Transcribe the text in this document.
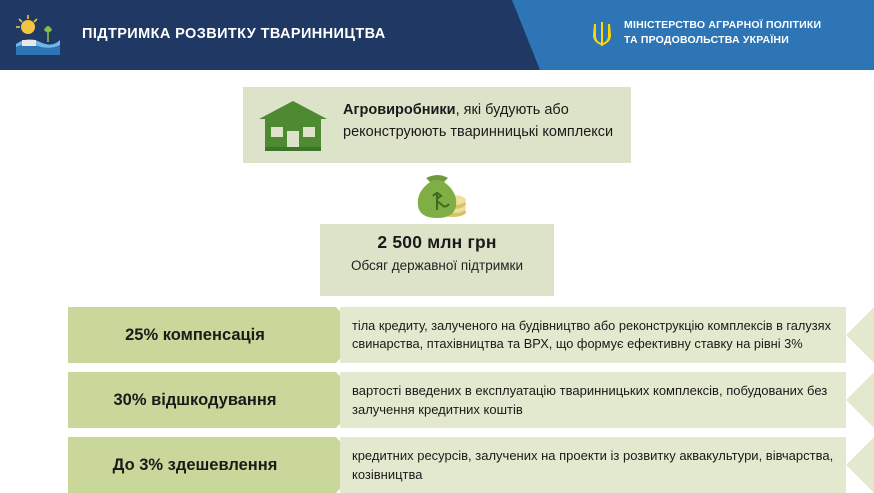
ПІДТРИМКА РОЗВИТКУ ТВАРИННИЦТВА
МІНІСТЕРСТВО АГРАРНОЇ ПОЛІТИКИ
ТА ПРОДОВОЛЬСТВА УКРАЇНИ
Агровиробники, які будують або реконструюють тваринницькі комплекси
2 500 млн грн
Обсяг державної підтримки
25% компенсація	тіла кредиту, залученого на будівництво або реконструкцію комплексів в галузях свинарства, птахівництва та ВРХ, що формує ефективну ставку на рівні 3%
30% відшкодування	вартості введених в експлуатацію тваринницьких комплексів, побудованих без залучення кредитних коштів
До 3% здешевлення	кредитних ресурсів, залучених на проекти із розвитку аквакультури, вівчарства, козівництва
